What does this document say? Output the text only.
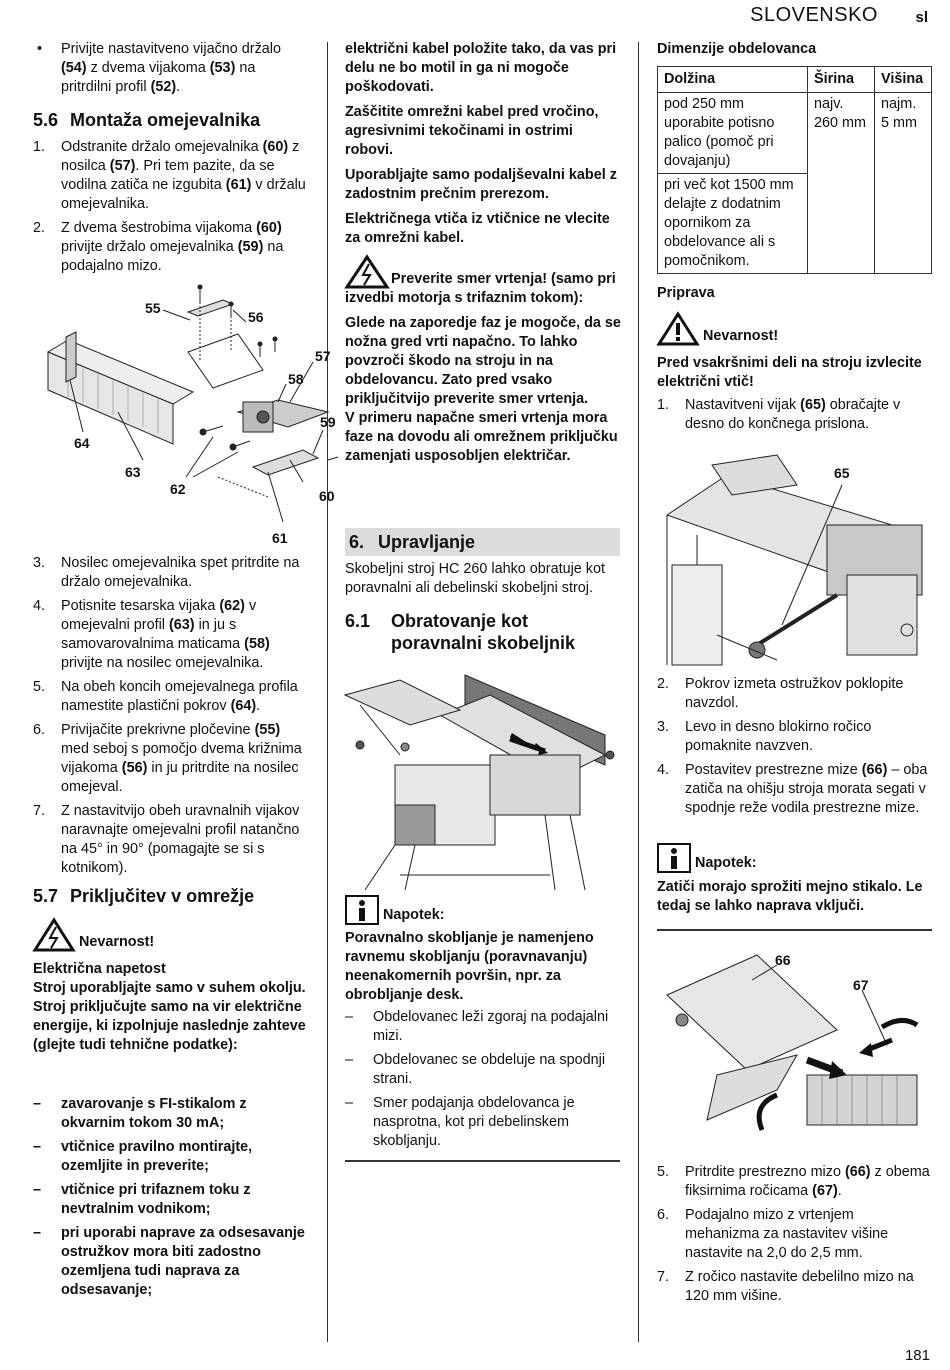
SLOVENSKO sl
•	Privijte nastavitveno vijačno držalo (54) z dvema vijakoma (53) na pritrdilni profil (52).
5.6 Montaža omejevalnika
1.	Odstranite držalo omejevalnika (60) z nosilca (57). Pri tem pazite, da se vodilna zatiča ne izgubita (61) v držalu omejevalnika.
2.	Z dvema šestrobima vijakoma (60) privijte držalo omejevalnika (59) na podajalno mizo.
55
56
57
58
59
60
61
62
63
64
3.	Nosilec omejevalnika spet pritrdite na držalo omejevalnika.
4.	Potisnite tesarska vijaka (62) v omejevalni profil (63) in ju s samovarovalnima maticama (58) privijte na nosilec omejevalnika.
5.	Na obeh koncih omejevalnega profila namestite plastični pokrov (64).
6.	Privijačite prekrivne pločevine (55) med seboj s pomočjo dvema križnima vijakoma (56) in ju pritrdite na nosilec omejeval.
7.	Z nastavitvijo obeh uravnalnih vijakov naravnajte omejevalni profil natančno na 45° in 90° (pomagajte se si s kotnikom).
5.7 Priključitev v omrežje
Nevarnost!

Električna napetost

Stroj uporabljajte samo v suhem okolju.

Stroj priključujte samo na vir električne energije, ki izpolnjuje naslednje zahteve (glejte tudi tehnične podatke):

–	zavarovanje s FI-stikalom z okvarnim tokom 30 mA;
–	vtičnice pravilno montirajte, ozemljite in preverite;
–	vtičnice pri trifaznem toku z nevtralnim vodnikom;
–	pri uporabi naprave za odsesavanje ostružkov mora biti zadostno ozemljena tudi naprava za odsesavanje;

električni kabel položite tako, da vas pri delu ne bo motil in ga ni mogoče poškodovati.

Zaščitite omrežni kabel pred vročino, agresivnimi tekočinami in ostrimi robovi.

Uporabljajte samo podaljševalni kabel z zadostnim prečnim prerezom.

Električnega vtiča iz vtičnice ne vlecite za omrežni kabel.

Preverite smer vrtenja! (samo pri izvedbi motorja s trifaznim tokom):

Glede na zaporedje faz je mogoče, da se nožna gred vrti napačno. To lahko povzroči škodo na stroju in na obdelovancu. Zato pred vsako priključitvijo preverite smer vrtenja.

V primeru napačne smeri vrtenja mora faze na dovodu ali omrežnem priključku zamenjati usposobljen električar.

6. Upravljanje

Skobeljni stroj HC 260 lahko obratuje kot poravnalni ali debelinski skobeljni stroj.

6.1	Obratovanje kot poravnalni skobeljnik
Napotek:

Poravnalno skobljanje je namenjeno ravnemu skobljanju (poravnavanju) neenakomernih površin, npr. za obrobljanje desk.

–	Obdelovanec leži zgoraj na podajalni mizi.
–	Obdelovanec se obdeluje na spodnji strani.
–	Smer podajanja obdelovanca je nasprotna, kot pri debelinskem skobljanju.

Dimenzije obdelovanca

Dolžina	Širina	Višina
pod 250 mm uporabite potisno palico (pomoč pri dovajanju)	najv. 260 mm	najm. 5 mm
pri več kot 1500 mm delajte z dodatnim opornikom za obdelovance ali s pomočnikom.		

Priprava

Nevarnost!

Pred vsakršnimi deli na stroju izvlecite električni vtič!

1.	Nastavitveni vijak (65) obračajte v desno do končnega prislona.
65
2.	Pokrov izmeta ostružkov poklopite navzdol.
3.	Levo in desno blokirno ročico pomaknite navzven.
4.	Postavitev prestrezne mize (66) – oba zatiča na ohišju stroja morata segati v spodnje reže vodila prestrezne mize.
Napotek:

Zatiči morajo sprožiti mejno stikalo. Le tedaj se lahko naprava vključi.

66
67
5.	Pritrdite prestrezno mizo (66) z obema fiksirnima ročicama (67).
6.	Podajalno mizo z vrtenjem mehanizma za nastavitev višine nastavite na 2,0 do 2,5 mm.
7.	Z ročico nastavite debelilno mizo na 120 mm višine.
181
